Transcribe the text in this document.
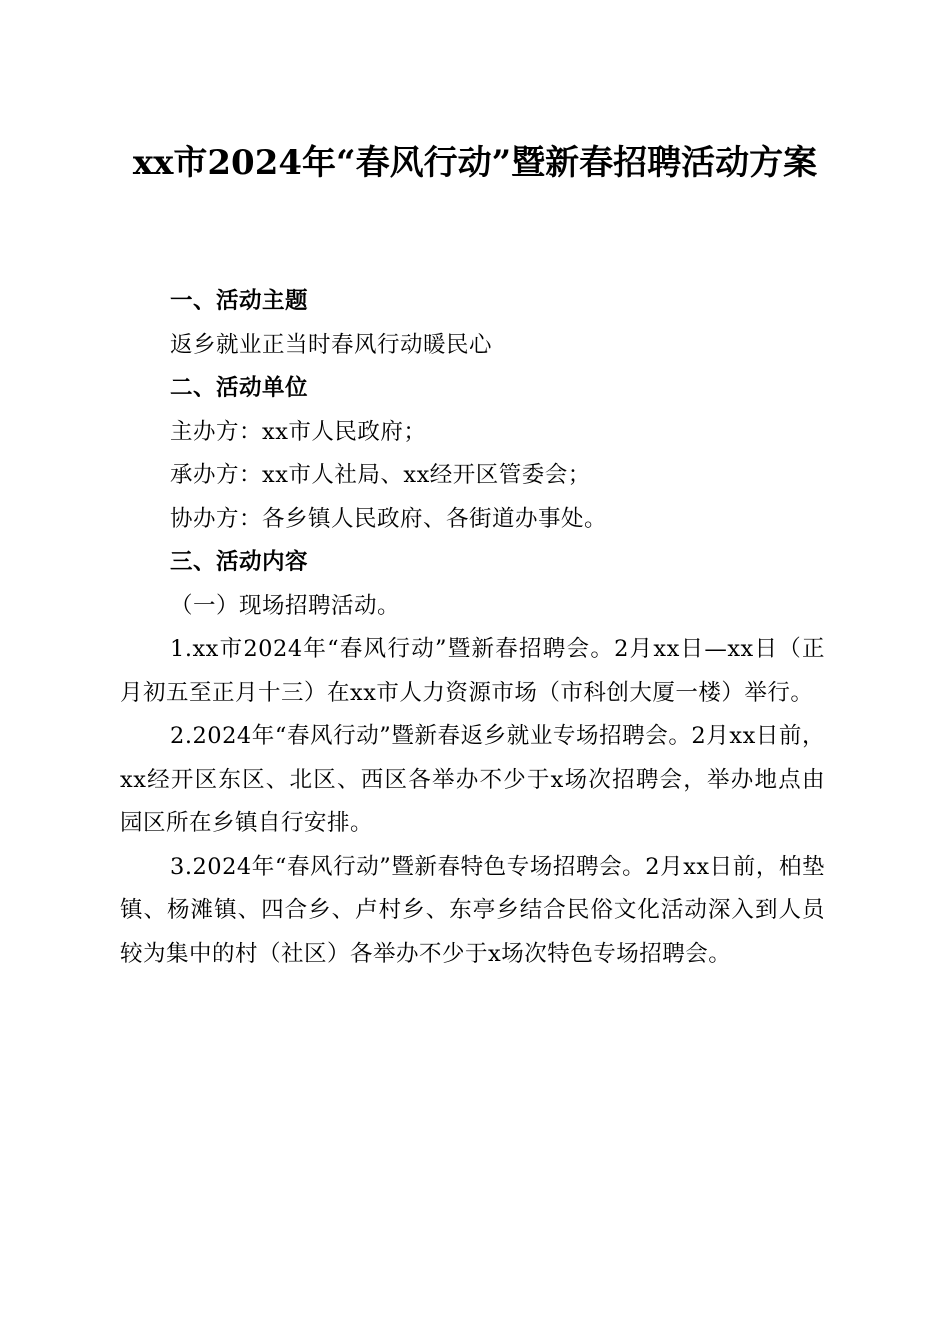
xx市2024年“春风行动”暨新春招聘活动方案

一、活动主题

返乡就业正当时春风行动暖民心

二、活动单位

主办方：xx市人民政府；

承办方：xx市人社局、xx经开区管委会；

协办方：各乡镇人民政府、各街道办事处。

三、活动内容

（一）现场招聘活动。

1.xx市2024年“春风行动”暨新春招聘会。2月xx日—xx日（正月初五至正月十三）在xx市人力资源市场（市科创大厦一楼）举行。

2.2024年“春风行动”暨新春返乡就业专场招聘会。2月xx日前，xx经开区东区、北区、西区各举办不少于x场次招聘会，举办地点由园区所在乡镇自行安排。

3.2024年“春风行动”暨新春特色专场招聘会。2月xx日前，柏垫镇、杨滩镇、四合乡、卢村乡、东亭乡结合民俗文化活动深入到人员较为集中的村（社区）各举办不少于x场次特色专场招聘会。
